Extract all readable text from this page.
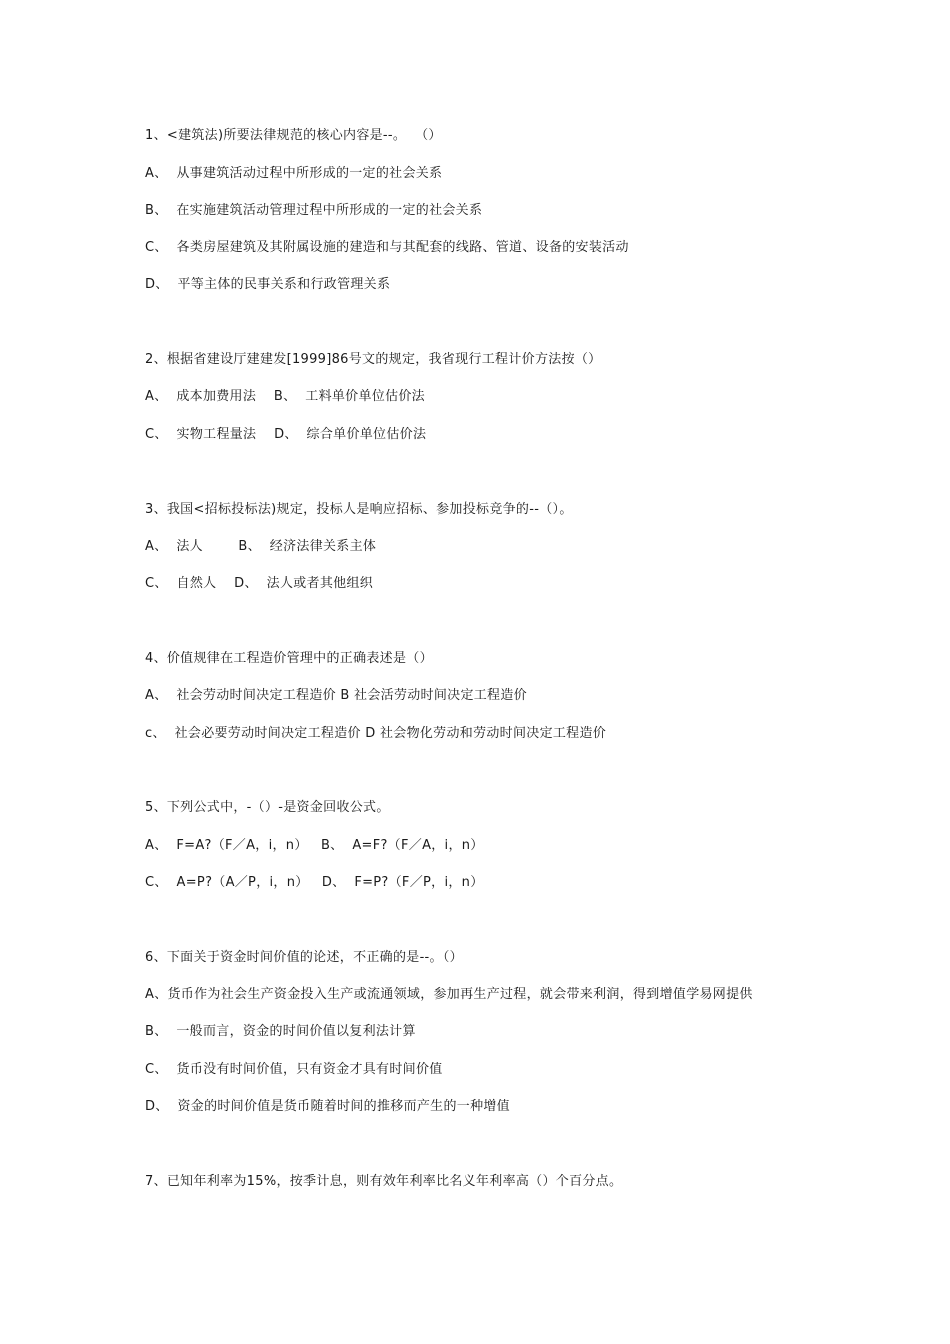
1、<建筑法)所要法律规范的核心内容是--。  （）
A、  从事建筑活动过程中所形成的一定的社会关系
B、  在实施建筑活动管理过程中所形成的一定的社会关系
C、  各类房屋建筑及其附属设施的建造和与其配套的线路、管道、设备的安装活动
D、  平等主体的民事关系和行政管理关系
2、根据省建设厅建建发[1999]86号文的规定，我省现行工程计价方法按（）
A、  成本加费用法    B、  工料单价单位估价法
C、  实物工程量法    D、  综合单价单位估价法
3、我国<招标投标法)规定，投标人是响应招标、参加投标竞争的--（）。
A、  法人        B、  经济法律关系主体
C、  自然人    D、  法人或者其他组织
4、价值规律在工程造价管理中的正确表述是（）
A、  社会劳动时间决定工程造价 B 社会活劳动时间决定工程造价
c、  社会必要劳动时间决定工程造价 D 社会物化劳动和劳动时间决定工程造价
5、下列公式中，-（）-是资金回收公式。
A、  F=A?（F／A，i，n）   B、  A=F?（F／A，i，n）
C、  A=P?（A／P，i，n）   D、  F=P?（F／P，i，n）
6、下面关于资金时间价值的论述，不正确的是--。（）
A、货币作为社会生产资金投入生产或流通领域，参加再生产过程，就会带来利润，得到增值学易网提供
B、  一般而言，资金的时间价值以复利法计算
C、  货币没有时间价值，只有资金才具有时间价值
D、  资金的时间价值是货币随着时间的推移而产生的一种增值
7、已知年利率为15%，按季计息，则有效年利率比名义年利率高（）个百分点。
